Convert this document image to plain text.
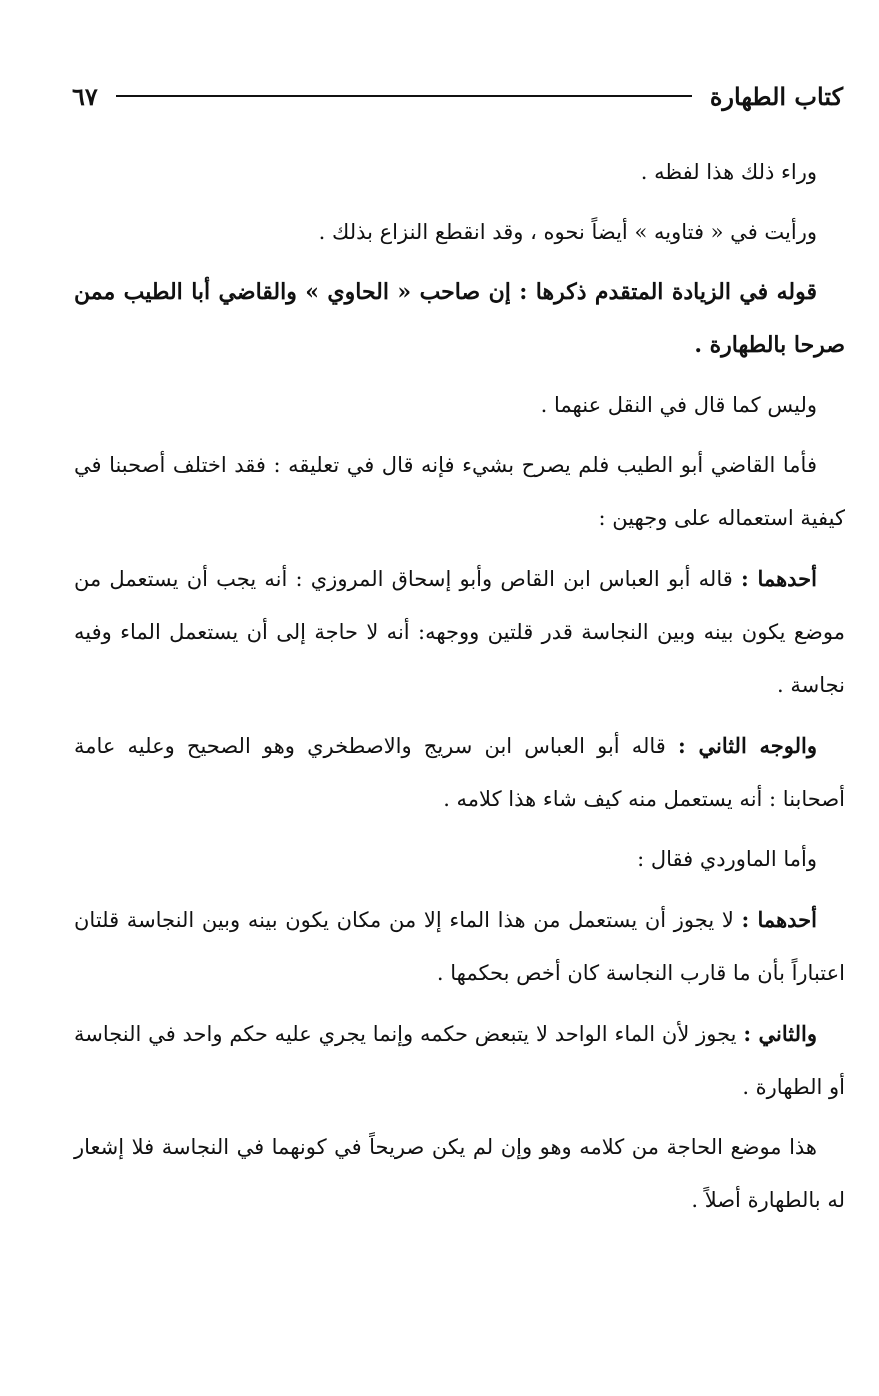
كتاب الطهارة
٦٧

وراء ذلك هذا لفظه .

ورأيت في « فتاويه » أيضاً نحوه ، وقد انقطع النزاع بذلك .

قوله في الزيادة المتقدم ذكرها : إن صاحب « الحاوي » والقاضي أبا الطيب ممن صرحا بالطهارة .

وليس كما قال في النقل عنهما .

فأما القاضي أبو الطيب فلم يصرح بشيء فإنه قال في تعليقه : فقد اختلف أصحبنا في كيفية استعماله على وجهين :

أحدهما : قاله أبو العباس ابن القاص وأبو إسحاق المروزي : أنه يجب أن يستعمل من موضع يكون بينه وبين النجاسة قدر قلتين ووجهه: أنه لا حاجة إلى أن يستعمل الماء وفيه نجاسة .

والوجه الثاني : قاله أبو العباس ابن سريج والاصطخري وهو الصحيح وعليه عامة أصحابنا : أنه يستعمل منه كيف شاء هذا كلامه .

وأما الماوردي فقال :

أحدهما : لا يجوز أن يستعمل من هذا الماء إلا من مكان يكون بينه وبين النجاسة قلتان اعتباراً بأن ما قارب النجاسة كان أخص بحكمها .

والثاني : يجوز لأن الماء الواحد لا يتبعض حكمه وإنما يجري عليه حكم واحد في النجاسة أو الطهارة .

هذا موضع الحاجة من كلامه وهو وإن لم يكن صريحاً في كونهما في النجاسة فلا إشعار له بالطهارة أصلاً .
